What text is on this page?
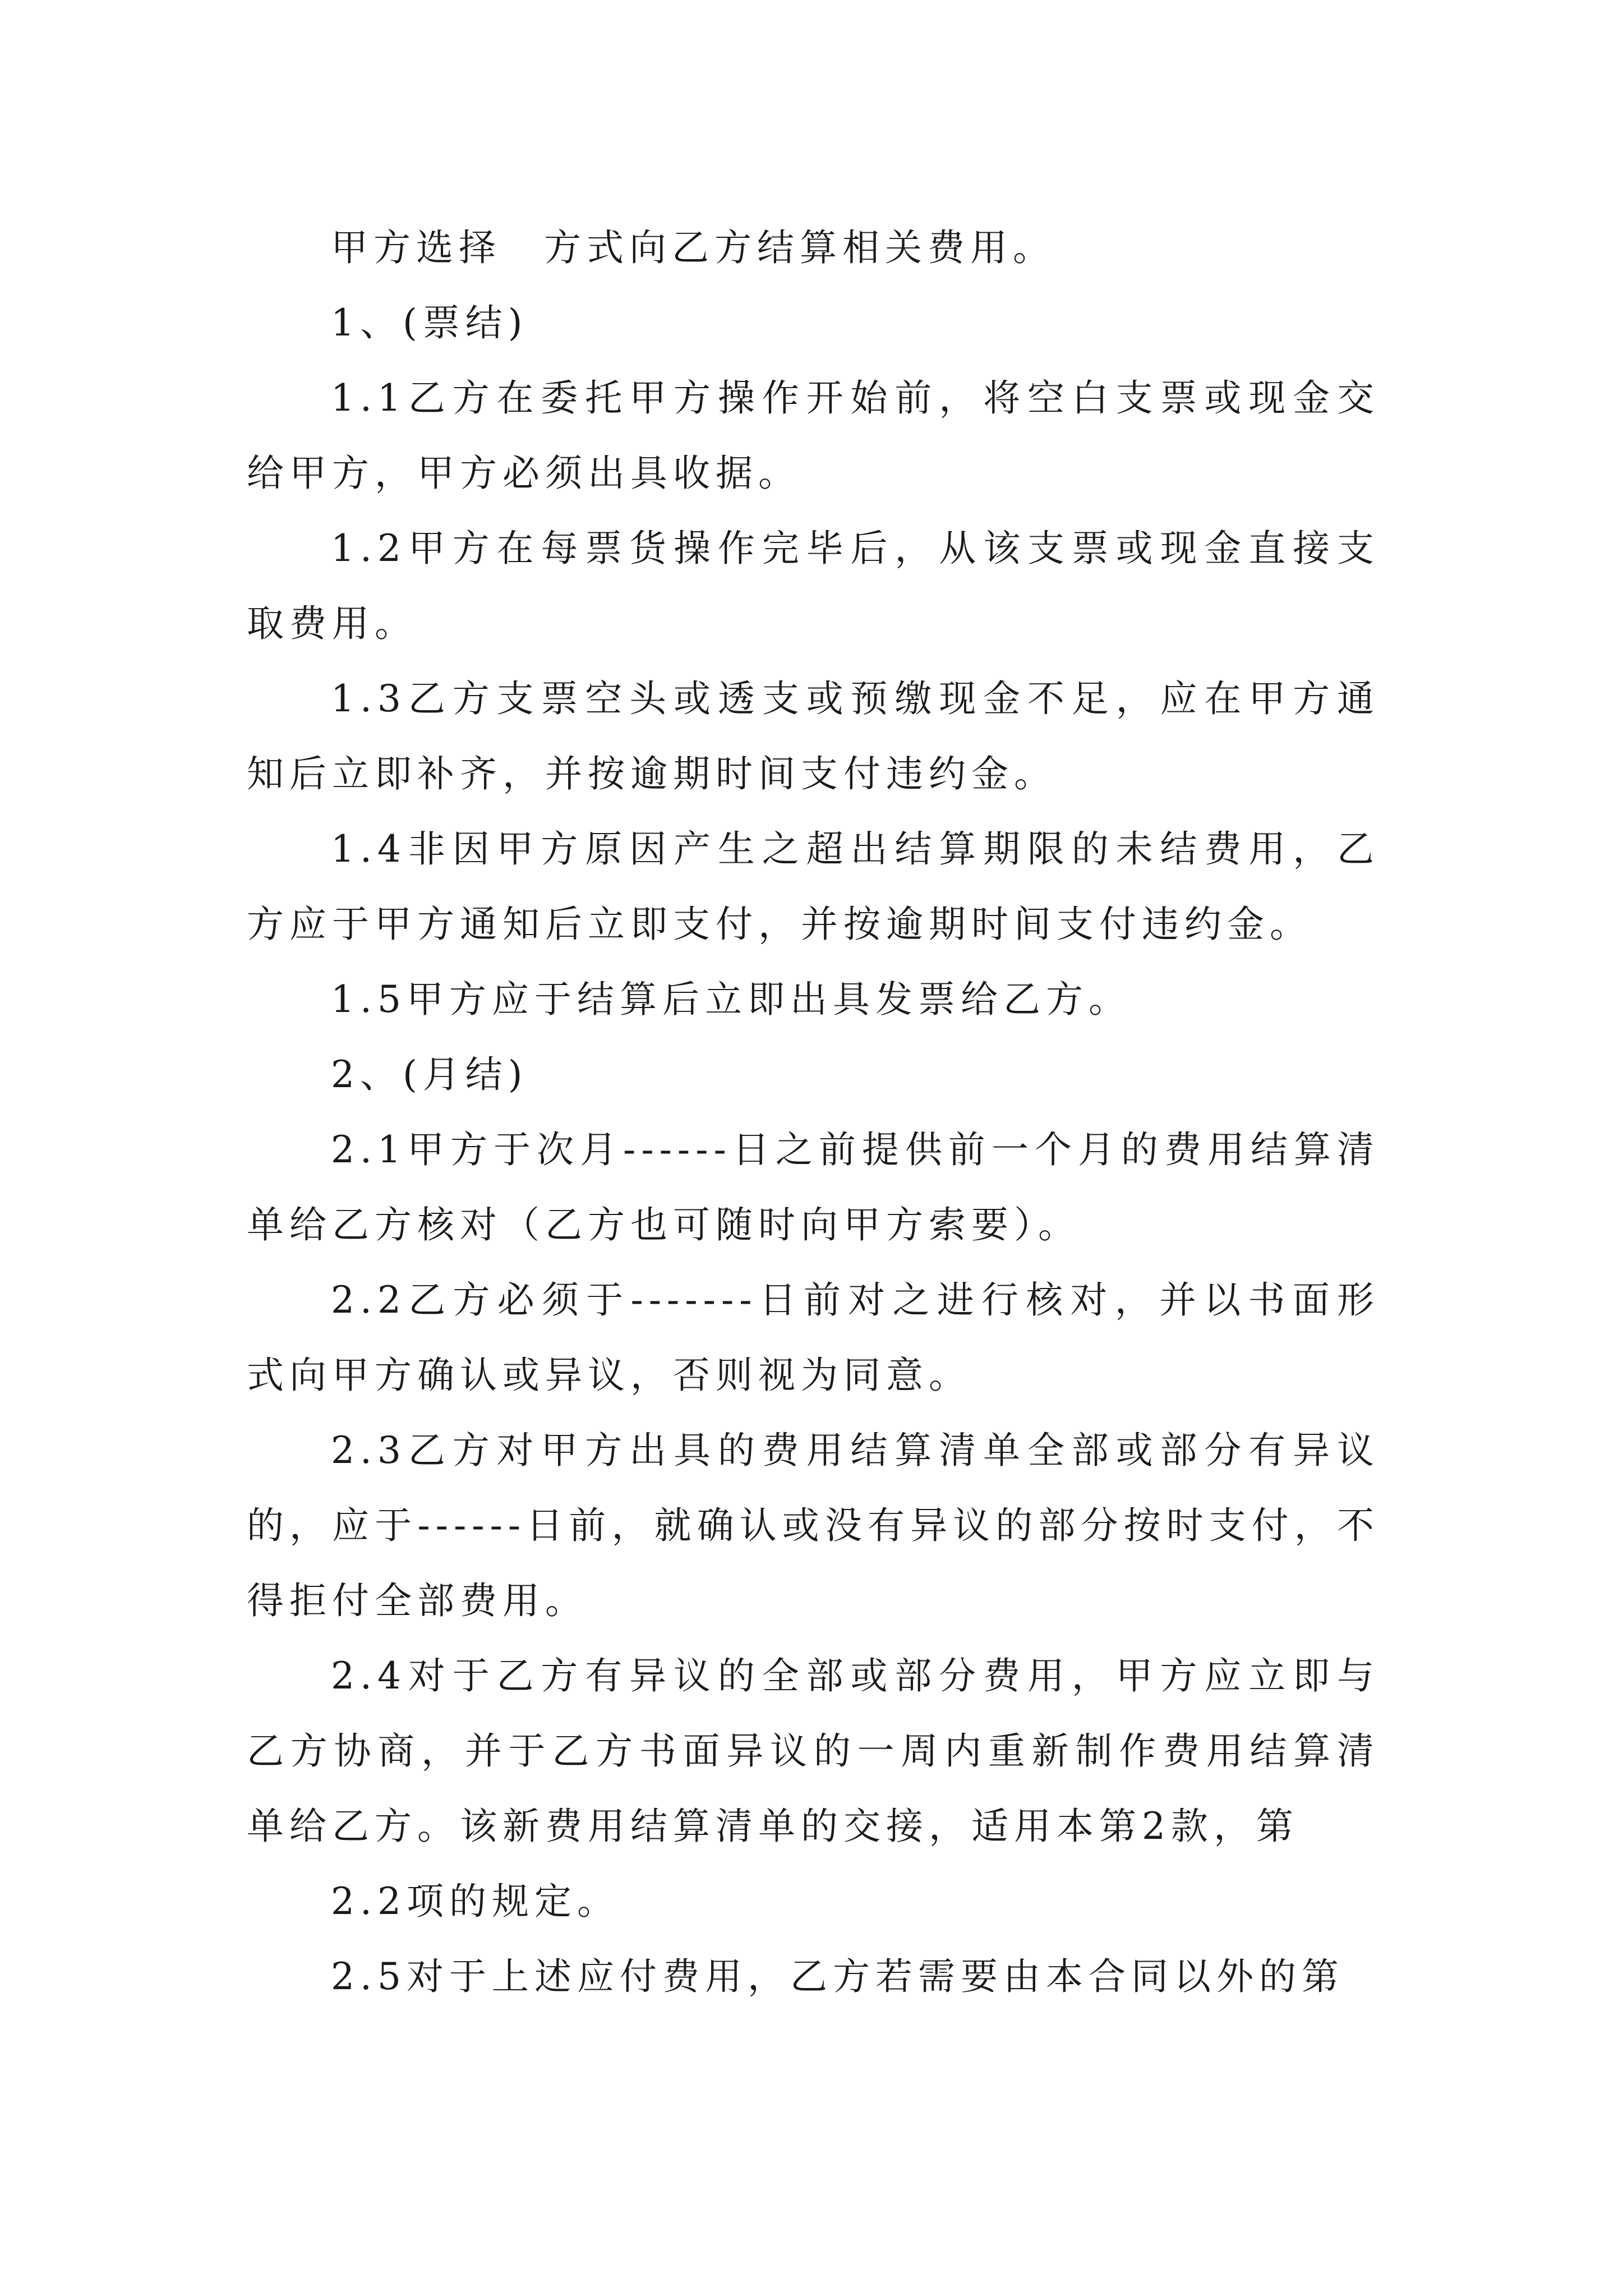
甲方选择　方式向乙方结算相关费用。

1、(票结)

1.1乙方在委托甲方操作开始前，将空白支票或现金交给甲方，甲方必须出具收据。

1.2甲方在每票货操作完毕后，从该支票或现金直接支取费用。

1.3乙方支票空头或透支或预缴现金不足，应在甲方通知后立即补齐，并按逾期时间支付违约金。

1.4非因甲方原因产生之超出结算期限的未结费用，乙方应于甲方通知后立即支付，并按逾期时间支付违约金。

1.5甲方应于结算后立即出具发票给乙方。

2、(月结)

2.1甲方于次月------日之前提供前一个月的费用结算清单给乙方核对（乙方也可随时向甲方索要）。

2.2乙方必须于-------日前对之进行核对，并以书面形式向甲方确认或异议，否则视为同意。

2.3乙方对甲方出具的费用结算清单全部或部分有异议的，应于------日前，就确认或没有异议的部分按时支付，不得拒付全部费用。

2.4对于乙方有异议的全部或部分费用，甲方应立即与乙方协商，并于乙方书面异议的一周内重新制作费用结算清单给乙方。该新费用结算清单的交接，适用本第2款，第

2.2项的规定。

2.5对于上述应付费用，乙方若需要由本合同以外的第
